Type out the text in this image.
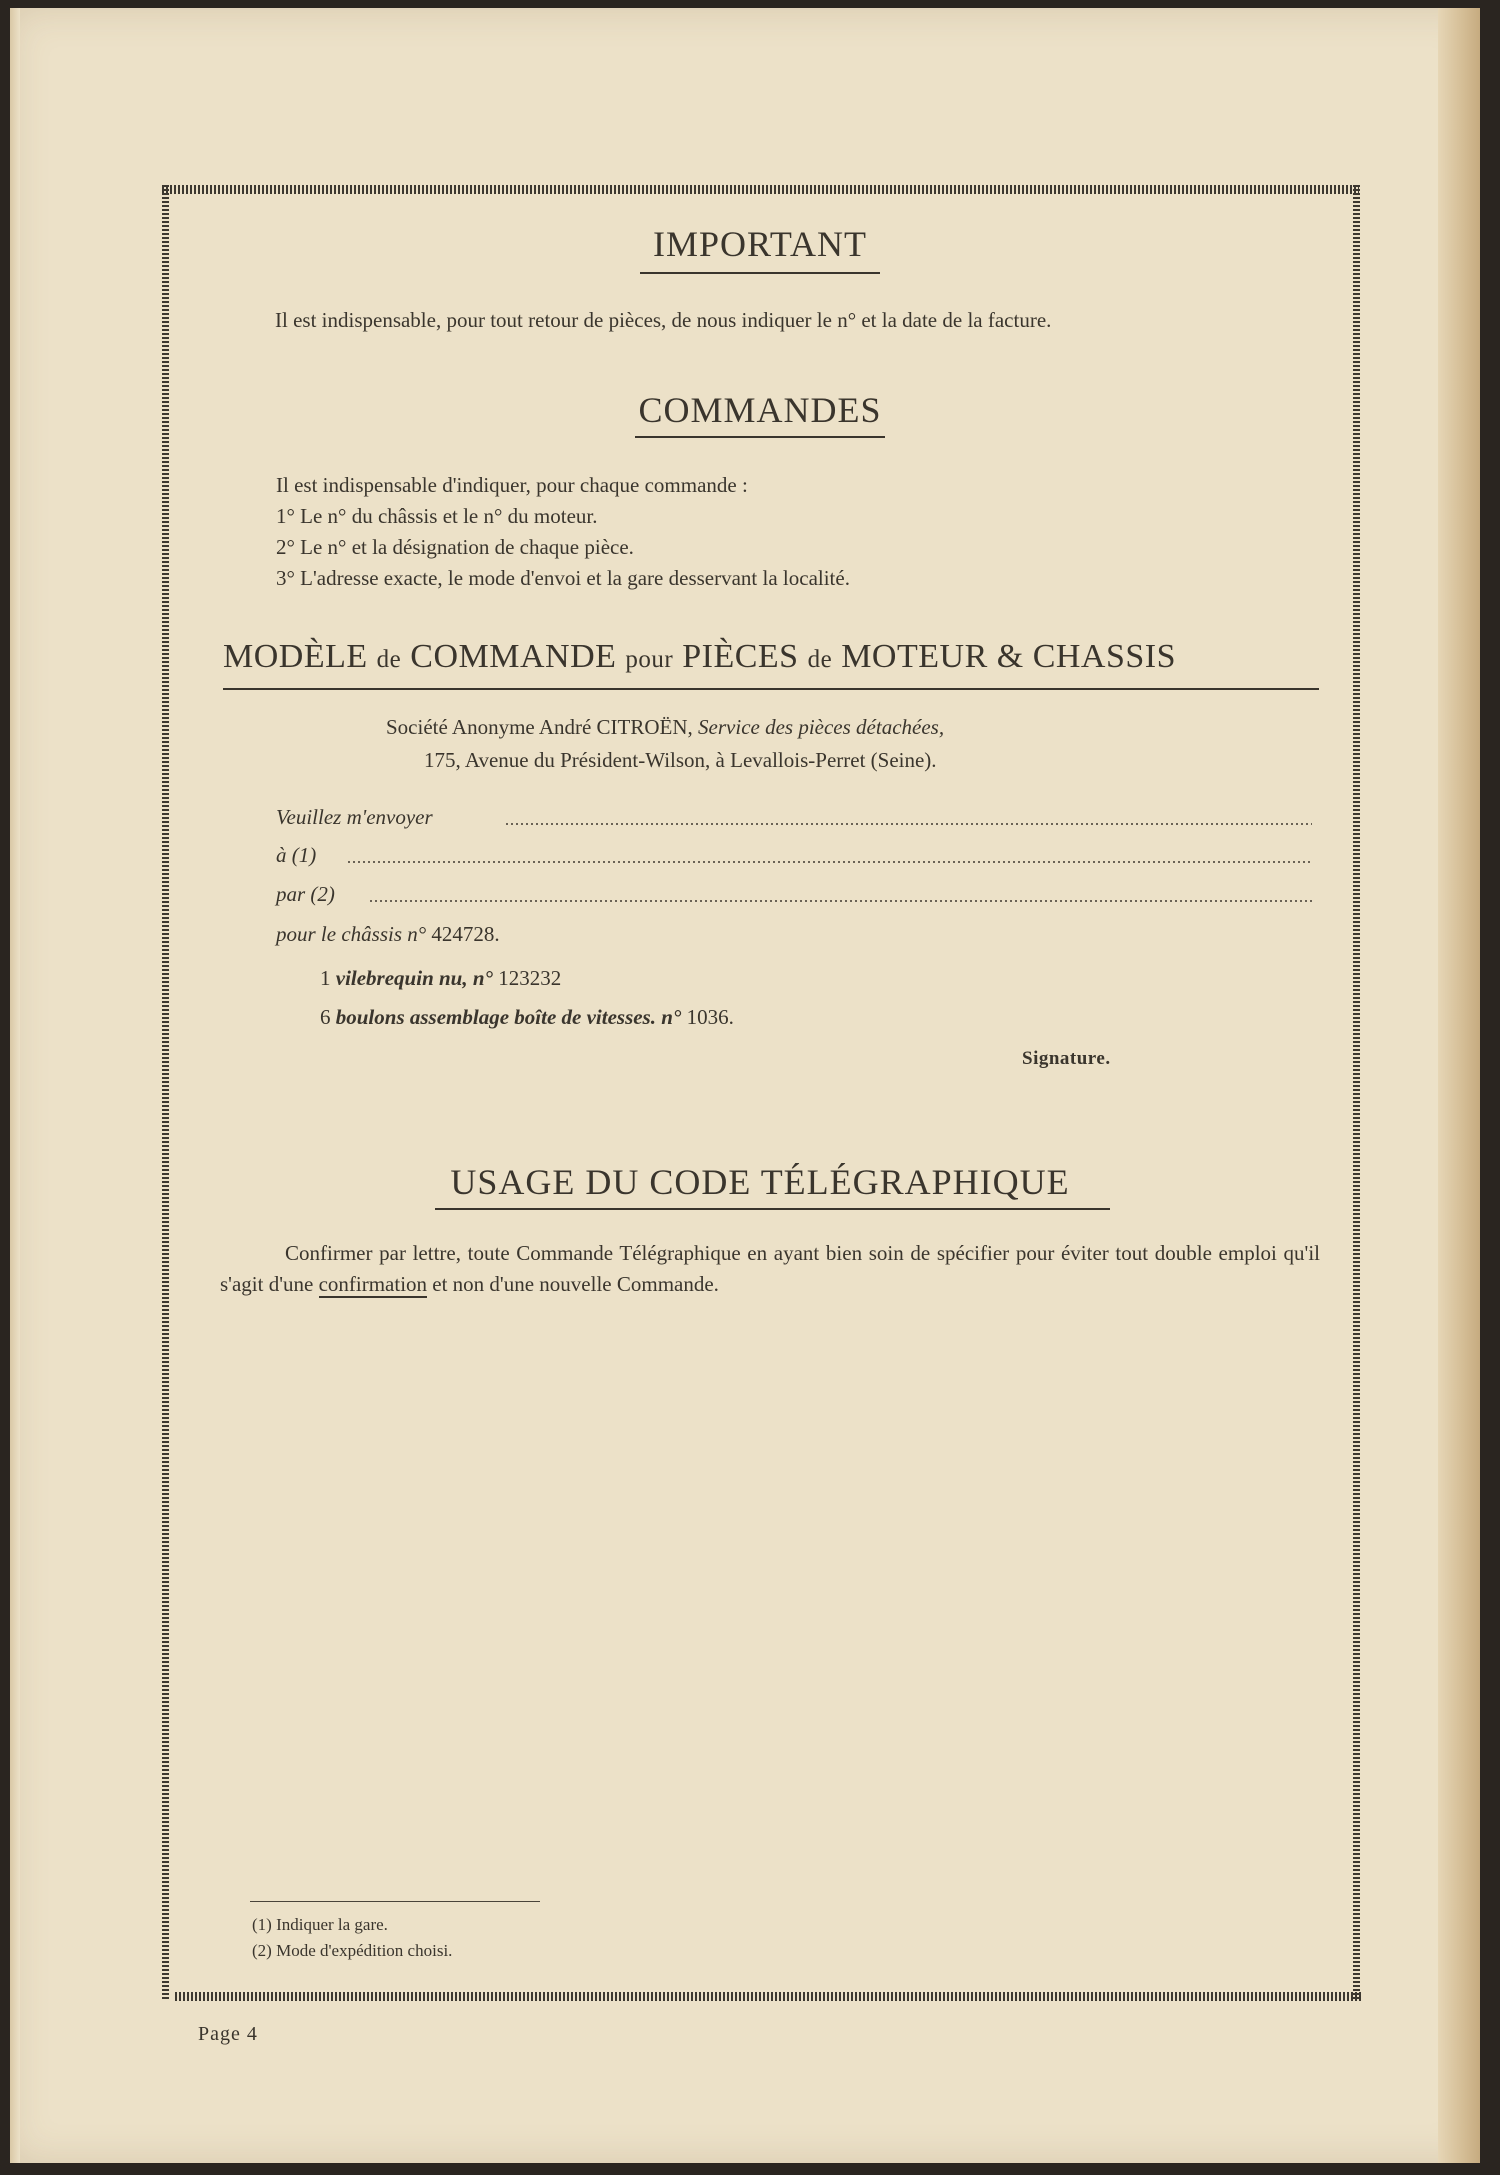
IMPORTANT
Il est indispensable, pour tout retour de pièces, de nous indiquer le n° et la date de la facture.
COMMANDES
Il est indispensable d'indiquer, pour chaque commande :
1° Le n° du châssis et le n° du moteur.
2° Le n° et la désignation de chaque pièce.
3° L'adresse exacte, le mode d'envoi et la gare desservant la localité.
MODÈLE de COMMANDE pour PIÈCES de MOTEUR & CHASSIS
Société Anonyme André CITROËN, Service des pièces détachées,
175, Avenue du Président-Wilson, à Levallois-Perret (Seine).
Veuillez m'envoyer
à (1)
par (2)
pour le châssis n° 424728.
1 vilebrequin nu, n° 123232
6 boulons assemblage boîte de vitesses. n° 1036.
Signature.
USAGE DU CODE TÉLÉGRAPHIQUE
Confirmer par lettre, toute Commande Télégraphique en ayant bien soin de spécifier pour éviter tout double emploi qu'il s'agit d'une confirmation et non d'une nouvelle Commande.
(1) Indiquer la gare.
(2) Mode d'expédition choisi.
Page 4
